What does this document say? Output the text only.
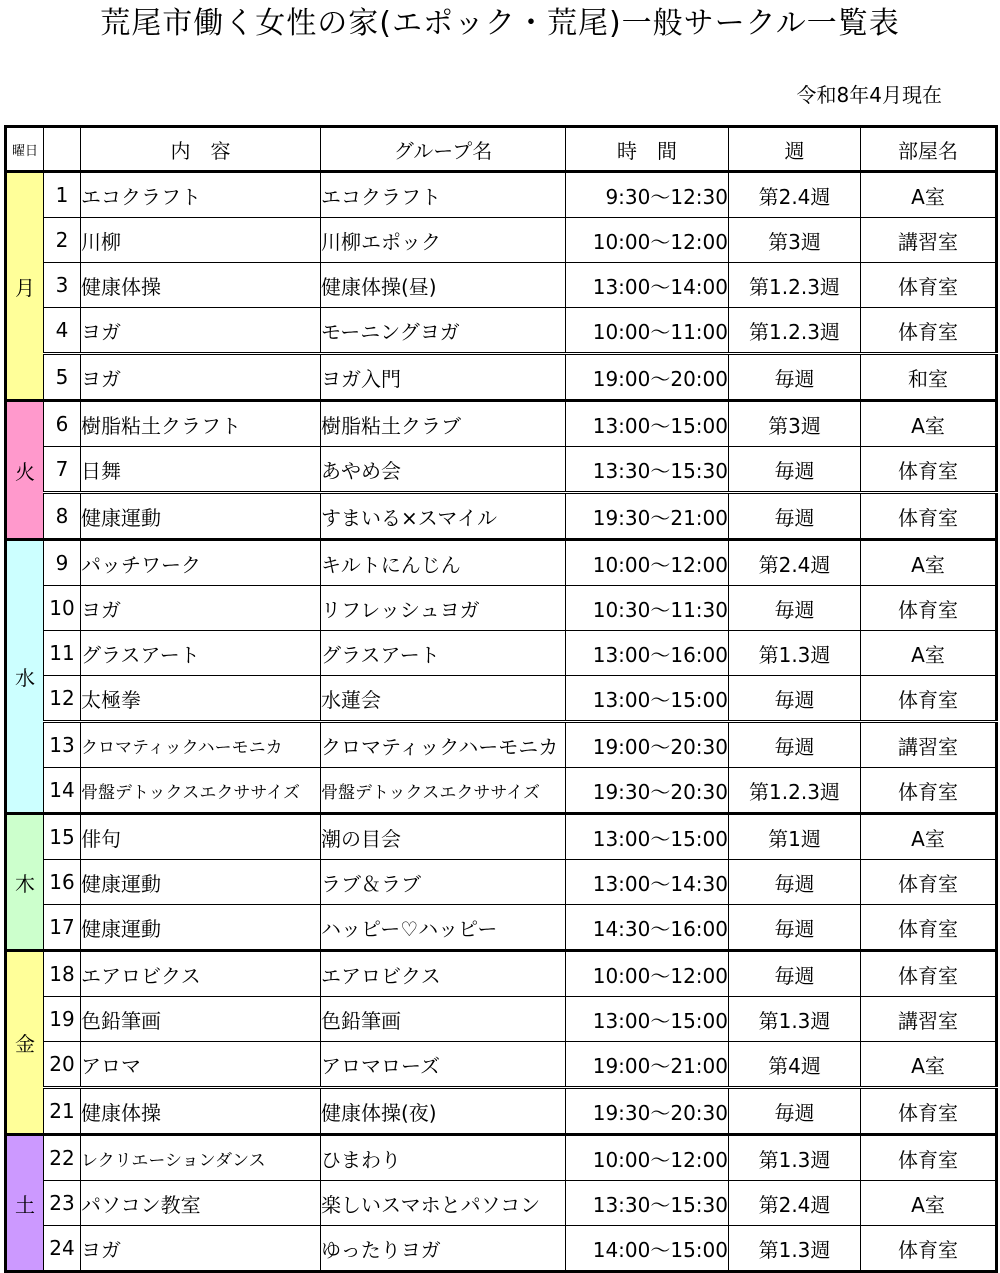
荒尾市働く女性の家(エポック・荒尾)一般サークル一覧表
令和8年4月現在
曜日		内　容	グループ名	時　間	週	部屋名
月	1	エコクラフト	エコクラフト	9:30～12:30	第2.4週	A室
	2	川柳	川柳エポック	10:00～12:00	第3週	講習室
	3	健康体操	健康体操(昼)	13:00～14:00	第1.2.3週	体育室
	4	ヨガ	モーニングヨガ	10:00～11:00	第1.2.3週	体育室
	5	ヨガ	ヨガ入門	19:00～20:00	毎週	和室
火	6	樹脂粘土クラフト	樹脂粘土クラブ	13:00～15:00	第3週	A室
	7	日舞	あやめ会	13:30～15:30	毎週	体育室
	8	健康運動	すまいる×スマイル	19:30～21:00	毎週	体育室
水	9	パッチワーク	キルトにんじん	10:00～12:00	第2.4週	A室
	10	ヨガ	リフレッシュヨガ	10:30～11:30	毎週	体育室
	11	グラスアート	グラスアート	13:00～16:00	第1.3週	A室
	12	太極拳	水蓮会	13:00～15:00	毎週	体育室
	13	クロマティックハーモニカ	クロマティックハーモニカ	19:00～20:30	毎週	講習室
	14	骨盤デトックスエクササイズ	骨盤デトックスエクササイズ	19:30～20:30	第1.2.3週	体育室
木	15	俳句	潮の目会	13:00～15:00	第1週	A室
	16	健康運動	ラブ＆ラブ	13:00～14:30	毎週	体育室
	17	健康運動	ハッピー♡ハッピー	14:30～16:00	毎週	体育室
金	18	エアロビクス	エアロビクス	10:00～12:00	毎週	体育室
	19	色鉛筆画	色鉛筆画	13:00～15:00	第1.3週	講習室
	20	アロマ	アロマローズ	19:00～21:00	第4週	A室
	21	健康体操	健康体操(夜)	19:30～20:30	毎週	体育室
土	22	レクリエーションダンス	ひまわり	10:00～12:00	第1.3週	体育室
	23	パソコン教室	楽しいスマホとパソコン	13:30～15:30	第2.4週	A室
	24	ヨガ	ゆったりヨガ	14:00～15:00	第1.3週	体育室
